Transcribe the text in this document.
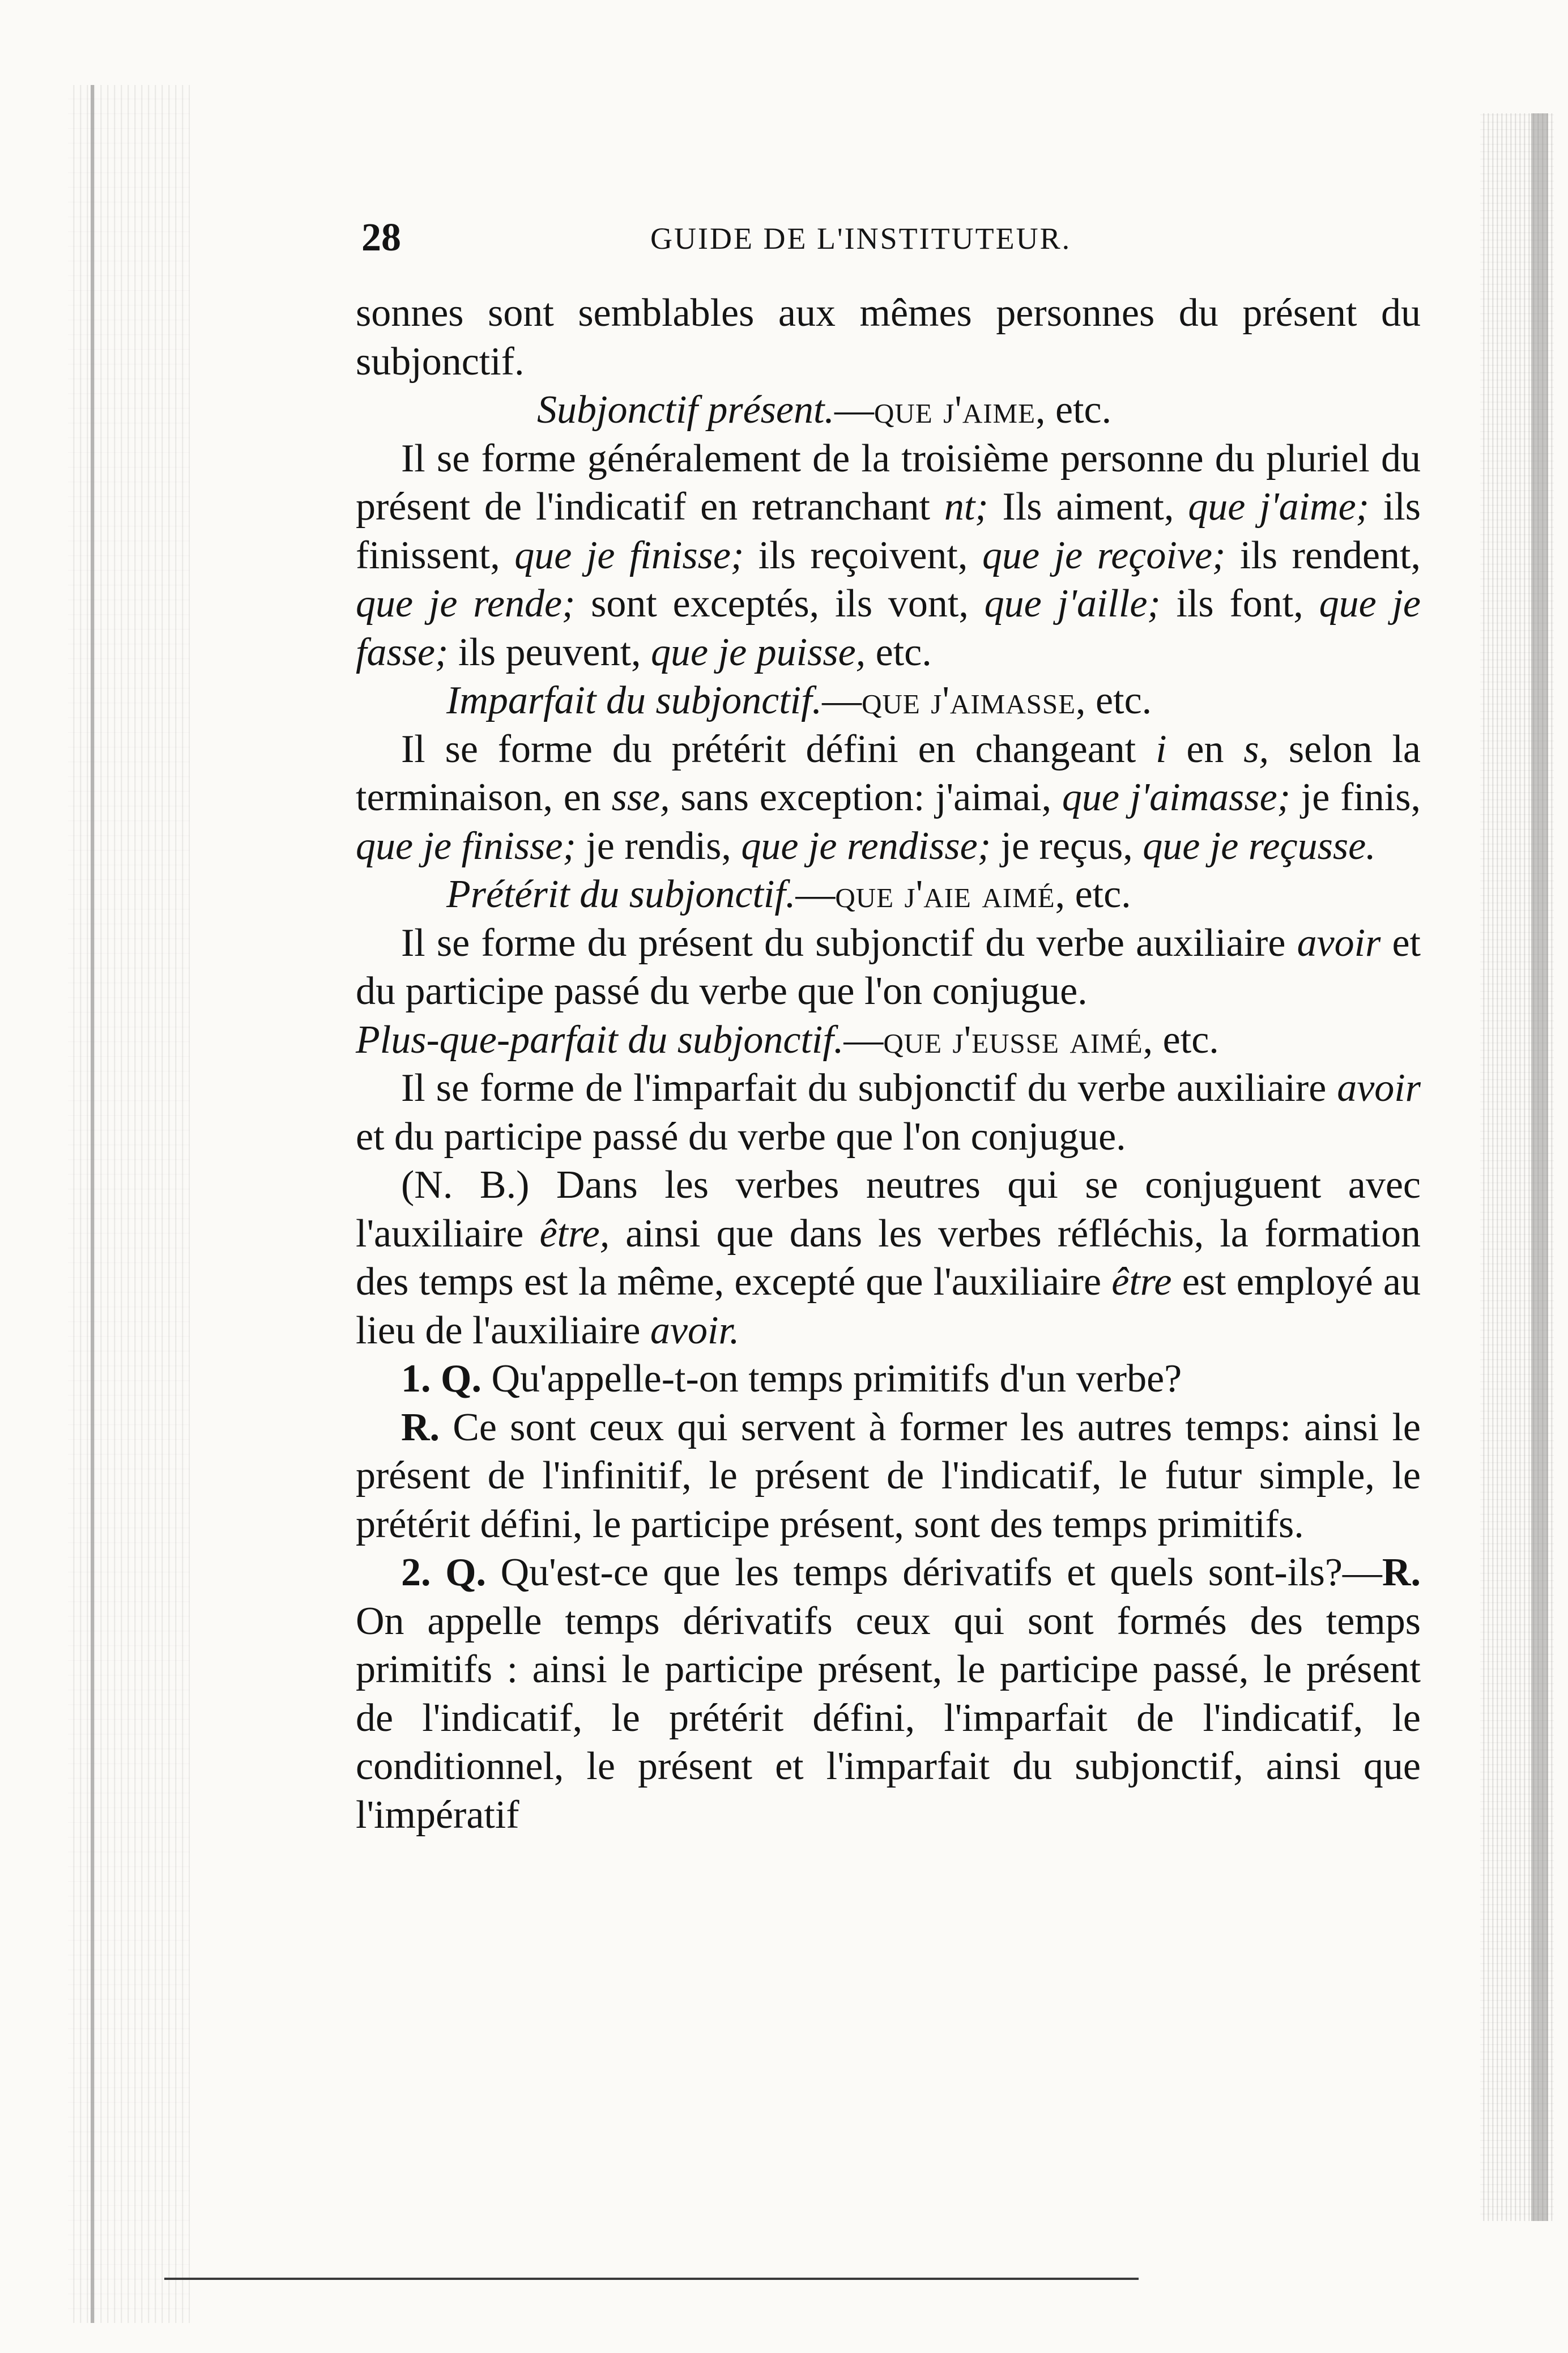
28	GUIDE DE L'INSTITUTEUR.

sonnes sont semblables aux mêmes personnes du présent du subjonctif.

Subjonctif présent.—que j'aime, etc.

Il se forme généralement de la troisième personne du pluriel du présent de l'indicatif en retranchant nt; Ils aiment, que j'aime; ils finissent, que je finisse; ils reçoivent, que je reçoive; ils rendent, que je rende; sont exceptés, ils vont, que j'aille; ils font, que je fasse; ils peuvent, que je puisse, etc.

Imparfait du subjonctif.—que j'aimasse, etc.

Il se forme du prétérit défini en changeant i en s, selon la terminaison, en sse, sans exception: j'aimai, que j'aimasse; je finis, que je finisse; je rendis, que je rendisse; je reçus, que je reçusse.

Prétérit du subjonctif.—que j'aie aimé, etc.

Il se forme du présent du subjonctif du verbe auxiliaire avoir et du participe passé du verbe que l'on conjugue.

Plus-que-parfait du subjonctif.—que j'eusse aimé, etc.

Il se forme de l'imparfait du subjonctif du verbe auxiliaire avoir et du participe passé du verbe que l'on conjugue.

(N. B.) Dans les verbes neutres qui se conjuguent avec l'auxiliaire être, ainsi que dans les verbes réfléchis, la formation des temps est la même, excepté que l'auxiliaire être est employé au lieu de l'auxiliaire avoir.

1. Q. Qu'appelle-t-on temps primitifs d'un verbe?

R. Ce sont ceux qui servent à former les autres temps: ainsi le présent de l'infinitif, le présent de l'indicatif, le futur simple, le prétérit défini, le participe présent, sont des temps primitifs.

2. Q. Qu'est-ce que les temps dérivatifs et quels sont-ils?—R. On appelle temps dérivatifs ceux qui sont formés des temps primitifs : ainsi le participe présent, le participe passé, le présent de l'indicatif, le prétérit défini, l'imparfait de l'indicatif, le conditionnel, le présent et l'imparfait du subjonctif, ainsi que l'impératif
